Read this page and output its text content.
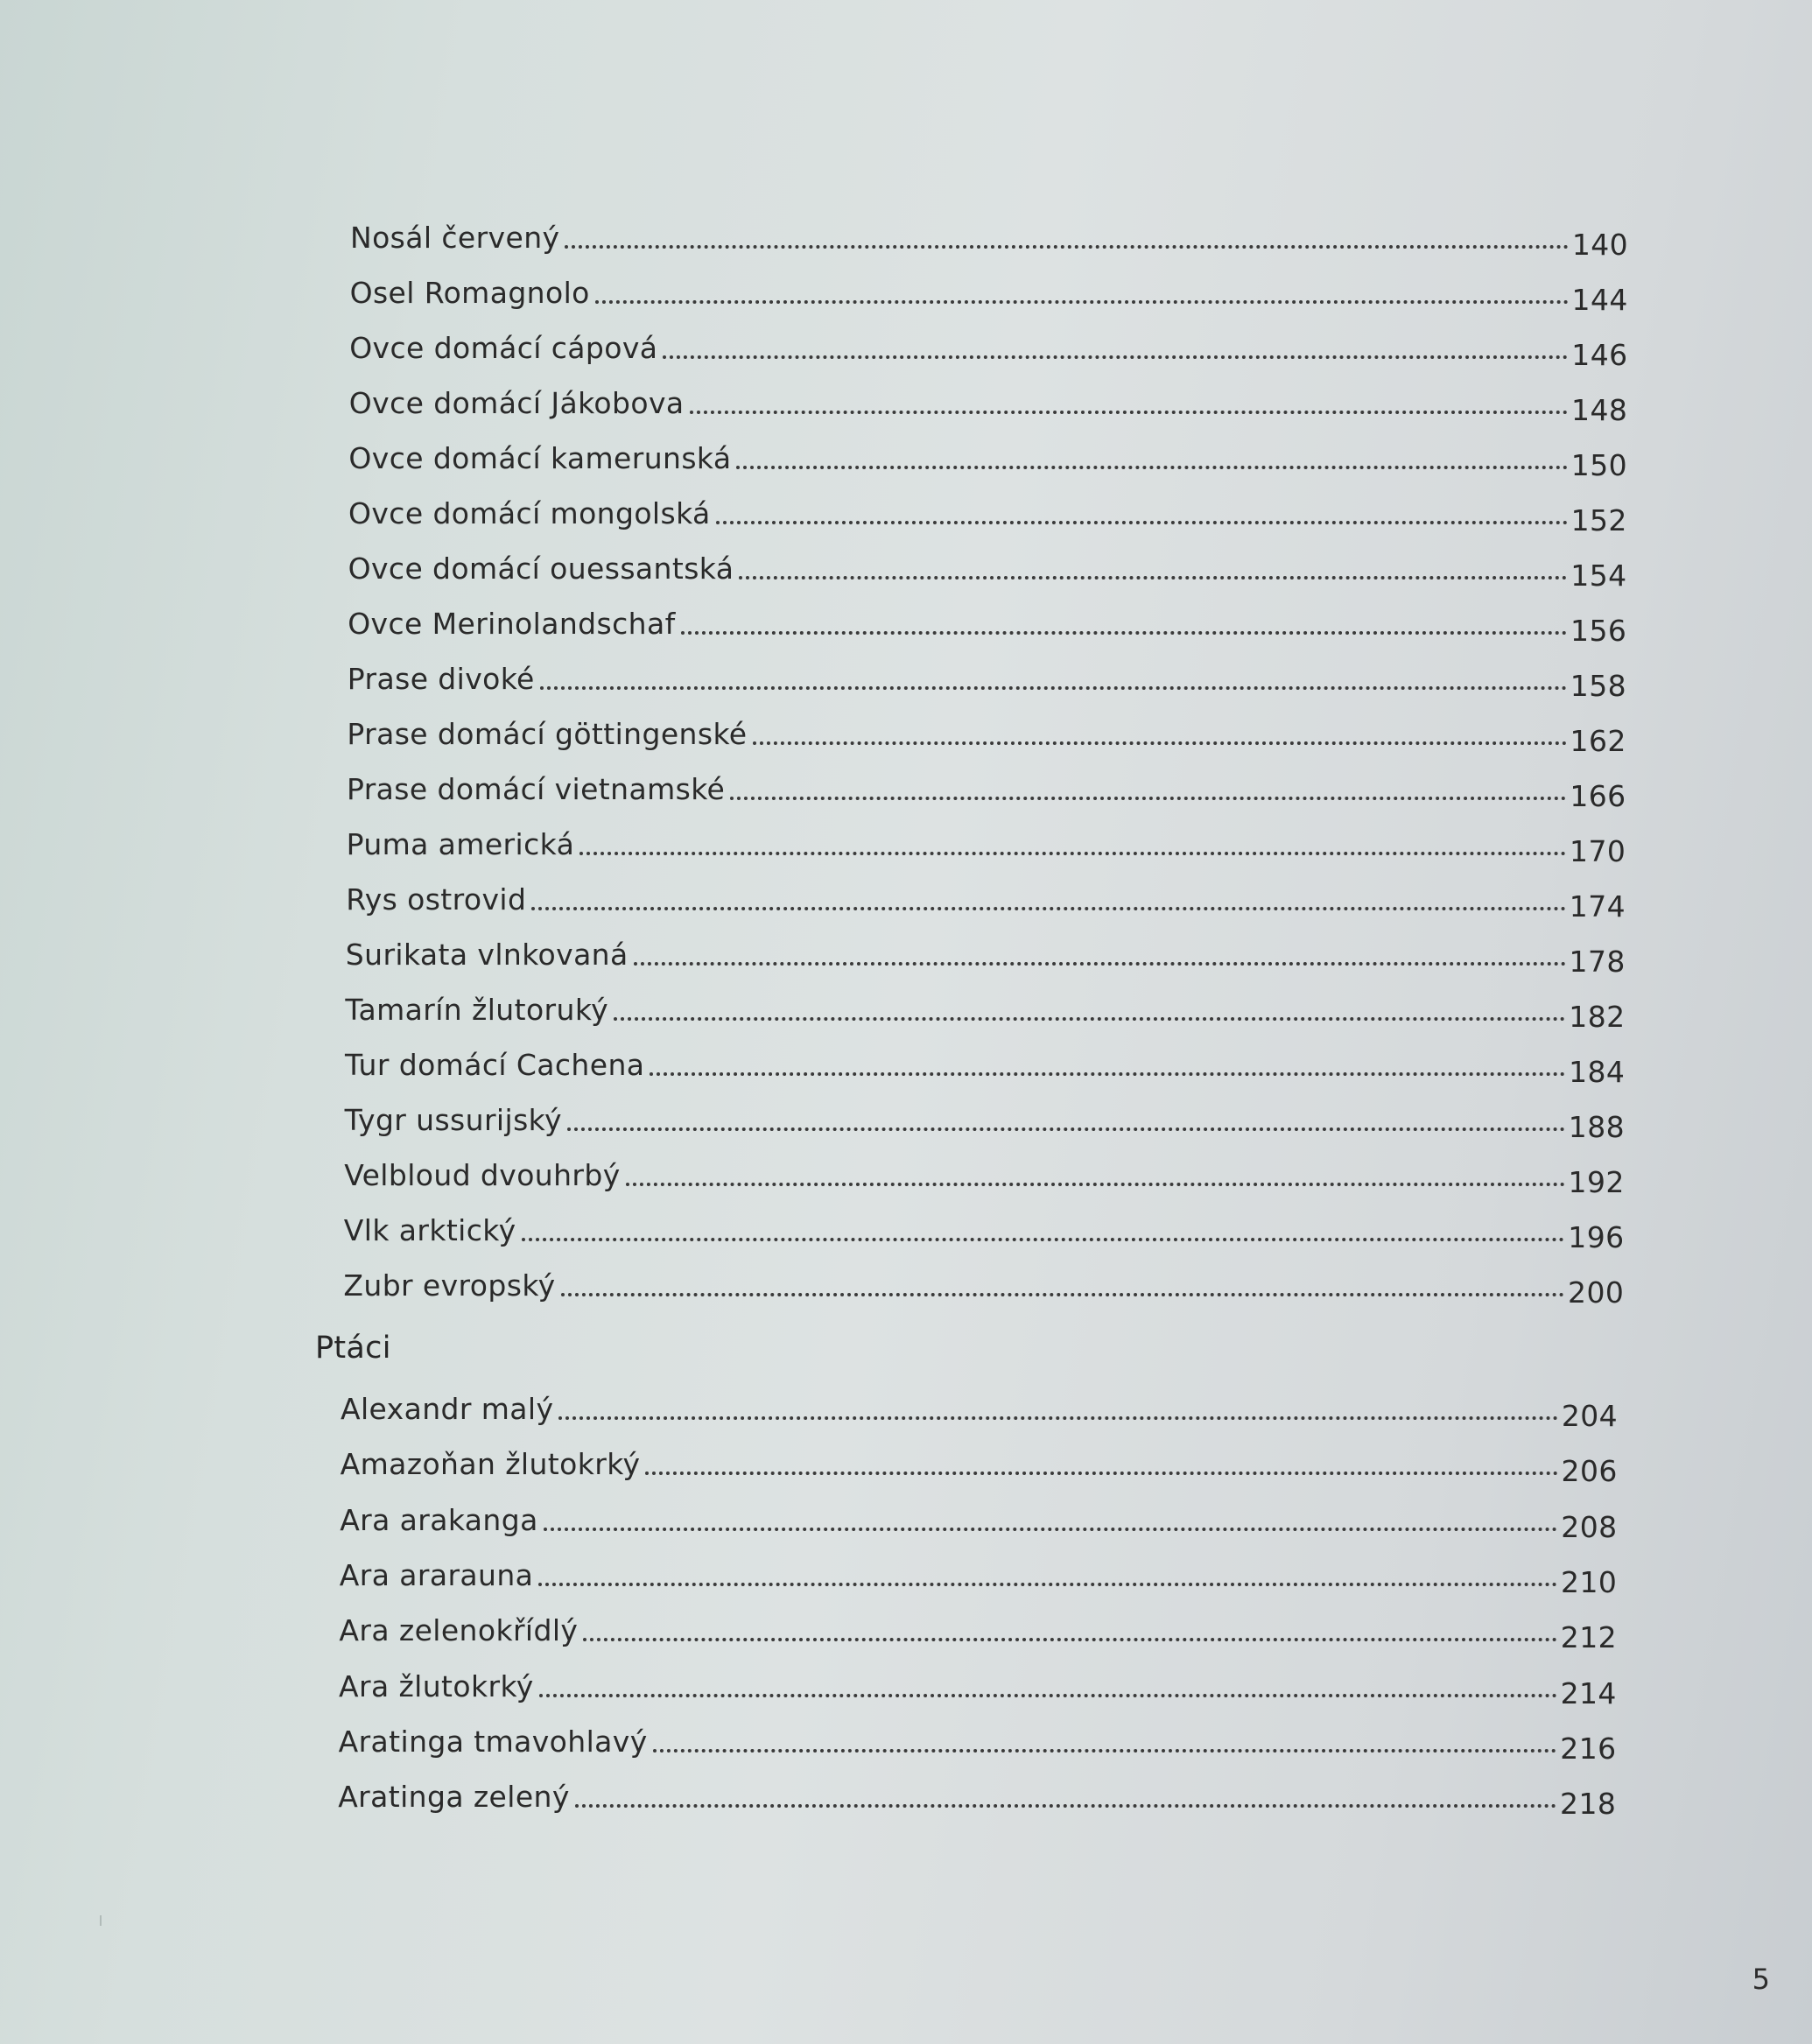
Nosál červený	140
Osel Romagnolo	144
Ovce domácí cápová	146
Ovce domácí Jákobova	148
Ovce domácí kamerunská	150
Ovce domácí mongolská	152
Ovce domácí ouessantská	154
Ovce Merinolandschaf	156
Prase divoké	158
Prase domácí göttingenské	162
Prase domácí vietnamské	166
Puma americká	170
Rys ostrovid	174
Surikata vlnkovaná	178
Tamarín žlutoruký	182
Tur domácí Cachena	184
Tygr ussurijský	188
Velbloud dvouhrbý	192
Vlk arktický	196
Zubr evropský	200
Ptáci
Alexandr malý	204
Amazoňan žlutokrký	206
Ara arakanga	208
Ara ararauna	210
Ara zelenokřídlý	212
Ara žlutokrký	214
Aratinga tmavohlavý	216
Aratinga zelený	218
5
